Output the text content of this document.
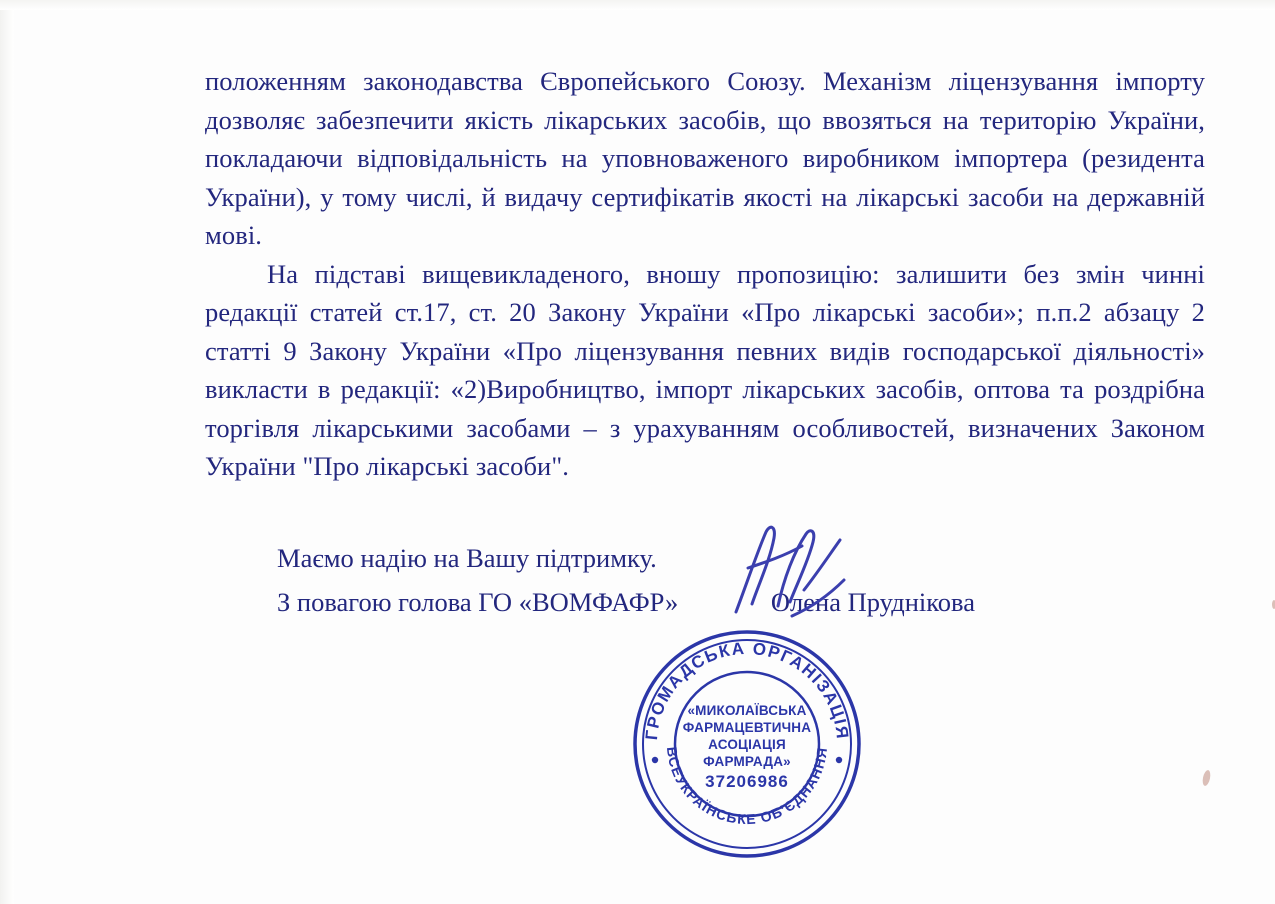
положенням законодавства Європейського Союзу. Механізм ліцензування імпорту дозволяє забезпечити якість лікарських засобів, що ввозяться на територію України, покладаючи відповідальність на уповноваженого виробником імпортера (резидента України), у тому числі, й видачу сертифікатів якості на лікарські засоби на державній мові.

На підставі вищевикладеного, вношу пропозицію: залишити без змін чинні редакції статей ст.17, ст. 20 Закону України «Про лікарські засоби»; п.п.2 абзацу 2 статті 9 Закону України «Про ліцензування певних видів господарської діяльності» викласти в редакції: «2)Виробництво, імпорт лікарських засобів, оптова та роздрібна торгівля лікарськими засобами – з урахуванням особливостей, визначених Законом України "Про лікарські засоби".

Маємо надію на Вашу підтримку.

З повагою голова ГО «ВОМФАФР»	Олена Пруднікова

ГРОМАДСЬКА ОРГАНІЗАЦІЯ
ВСЕУКРАЇНСЬКЕ ОБ'ЄДНАННЯ
«МИКОЛАЇВСЬКА
ФАРМАЦЕВТИЧНА
АСОЦІАЦІЯ
ФАРМРАДА»
37206986
